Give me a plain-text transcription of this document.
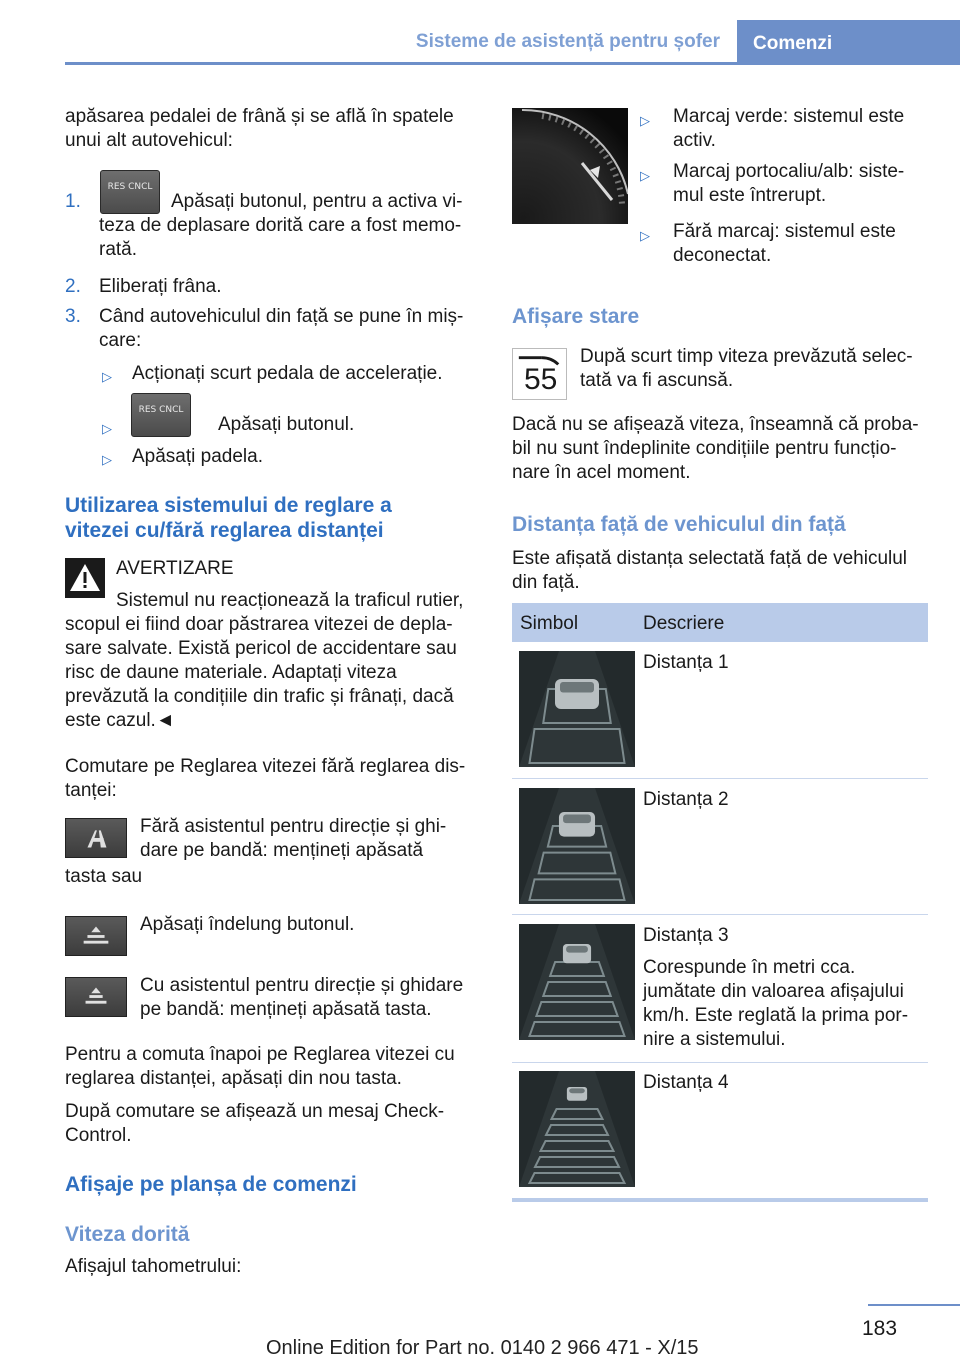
Sisteme de asistență pentru șofer Comenzi

apăsarea pedalei de frână și se află în spatele unui alt autovehicul:

1.
RES CNCL

Apăsați butonul, pentru a activa vi‐

teza de deplasare dorită care a fost memo‐

rată.

2. Eliberați frâna.

3. Când autovehiculul din față se pune în miș‐

care:

▷ Acționați scurt pedala de accelerație.

▷
RES CNCL

Apăsați butonul.

▷ Apăsați padela.

Utilizarea sistemului de reglare a
vitezei cu/fără reglarea distanței

AVERTIZARE

Sistemul nu reacționează la traficul rutier,

scopul ei fiind doar păstrarea vitezei de depla‐

sare salvate. Există pericol de accidentare sau

risc de daune materiale. Adaptați viteza

prevăzută la condițiile din trafic și frânați, dacă

este cazul.◄

Comutare pe Reglarea vitezei fără reglarea dis‐

tanței:

Fără asistentul pentru direcție și ghi‐

dare pe bandă: mențineți apăsată

tasta sau

Apăsați îndelung butonul.

Cu asistentul pentru direcție și ghidare

pe bandă: mențineți apăsată tasta.

Pentru a comuta înapoi pe Reglarea vitezei cu

reglarea distanței, apăsați din nou tasta.

După comutare se afișează un mesaj Check‐

Control.

Afișaje pe planșa de comenzi

Viteza dorită

Afișajul tahometrului:

▷ Marcaj verde: sistemul este

activ.

▷ Marcaj portocaliu/alb: siste‐

mul este întrerupt.

▷ Fără marcaj: sistemul este

deconectat.

Afișare stare

55

După scurt timp viteza prevăzută selec‐

tată va fi ascunsă.

Dacă nu se afișează viteza, înseamnă că proba‐

bil nu sunt îndeplinite condițiile pentru funcțio‐

nare în acel moment.

Distanța față de vehiculul din față

Este afișată distanța selectată față de vehiculul

din față.

Simbol	Descriere

Distanța 1

Distanța 2

Distanța 3

Corespunde în metri cca.

jumătate din valoarea afișajului

km/h. Este reglată la prima por‐

nire a sistemului.

Distanța 4

183

Online Edition for Part no. 0140 2 966 471 - X/15
